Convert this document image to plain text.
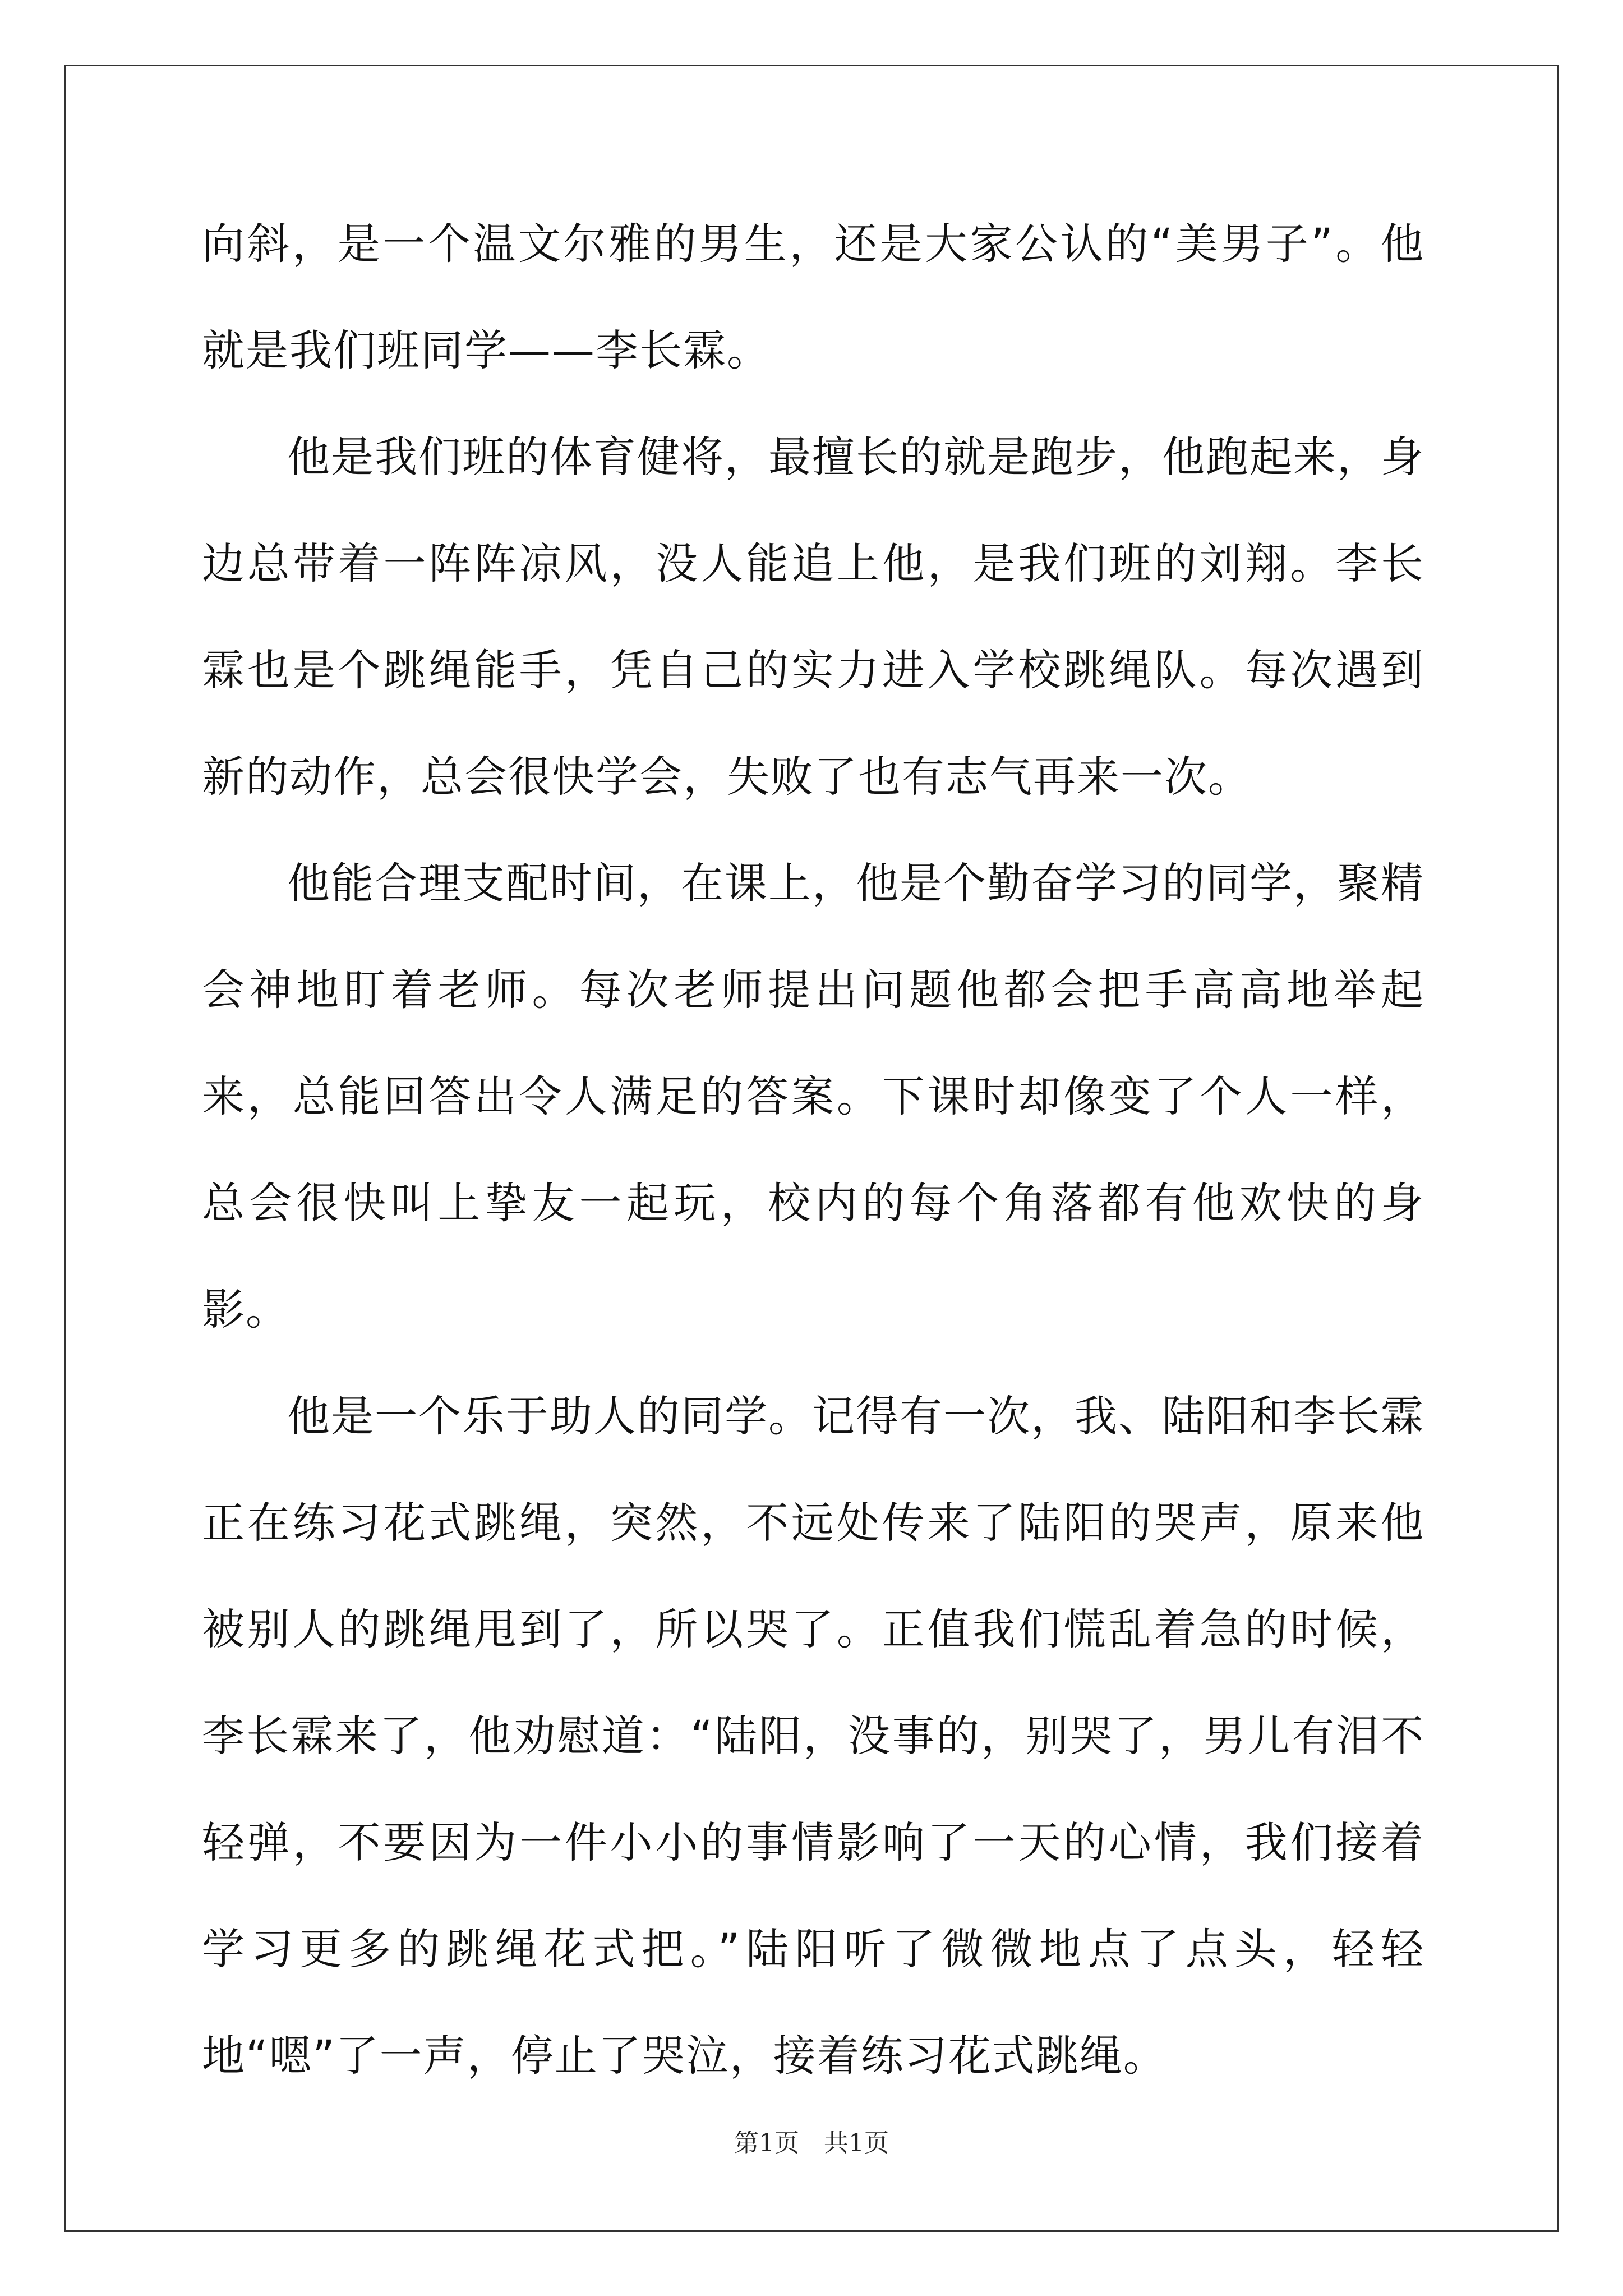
向斜，是一个温文尔雅的男生，还是大家公认的“美男子”。他就是我们班同学——李长霖。

他是我们班的体育健将，最擅长的就是跑步，他跑起来，身边总带着一阵阵凉风，没人能追上他，是我们班的刘翔。李长霖也是个跳绳能手，凭自己的实力进入学校跳绳队。每次遇到新的动作，总会很快学会，失败了也有志气再来一次。

他能合理支配时间，在课上，他是个勤奋学习的同学，聚精会神地盯着老师。每次老师提出问题他都会把手高高地举起来，总能回答出令人满足的答案。下课时却像变了个人一样，总会很快叫上挚友一起玩，校内的每个角落都有他欢快的身影。

他是一个乐于助人的同学。记得有一次，我、陆阳和李长霖正在练习花式跳绳，突然，不远处传来了陆阳的哭声，原来他被别人的跳绳甩到了，所以哭了。正值我们慌乱着急的时候，李长霖来了，他劝慰道：“陆阳，没事的，别哭了，男儿有泪不轻弹，不要因为一件小小的事情影响了一天的心情，我们接着学习更多的跳绳花式把。”陆阳听了微微地点了点头，轻轻地“嗯”了一声，停止了哭泣，接着练习花式跳绳。

第1页　共1页
